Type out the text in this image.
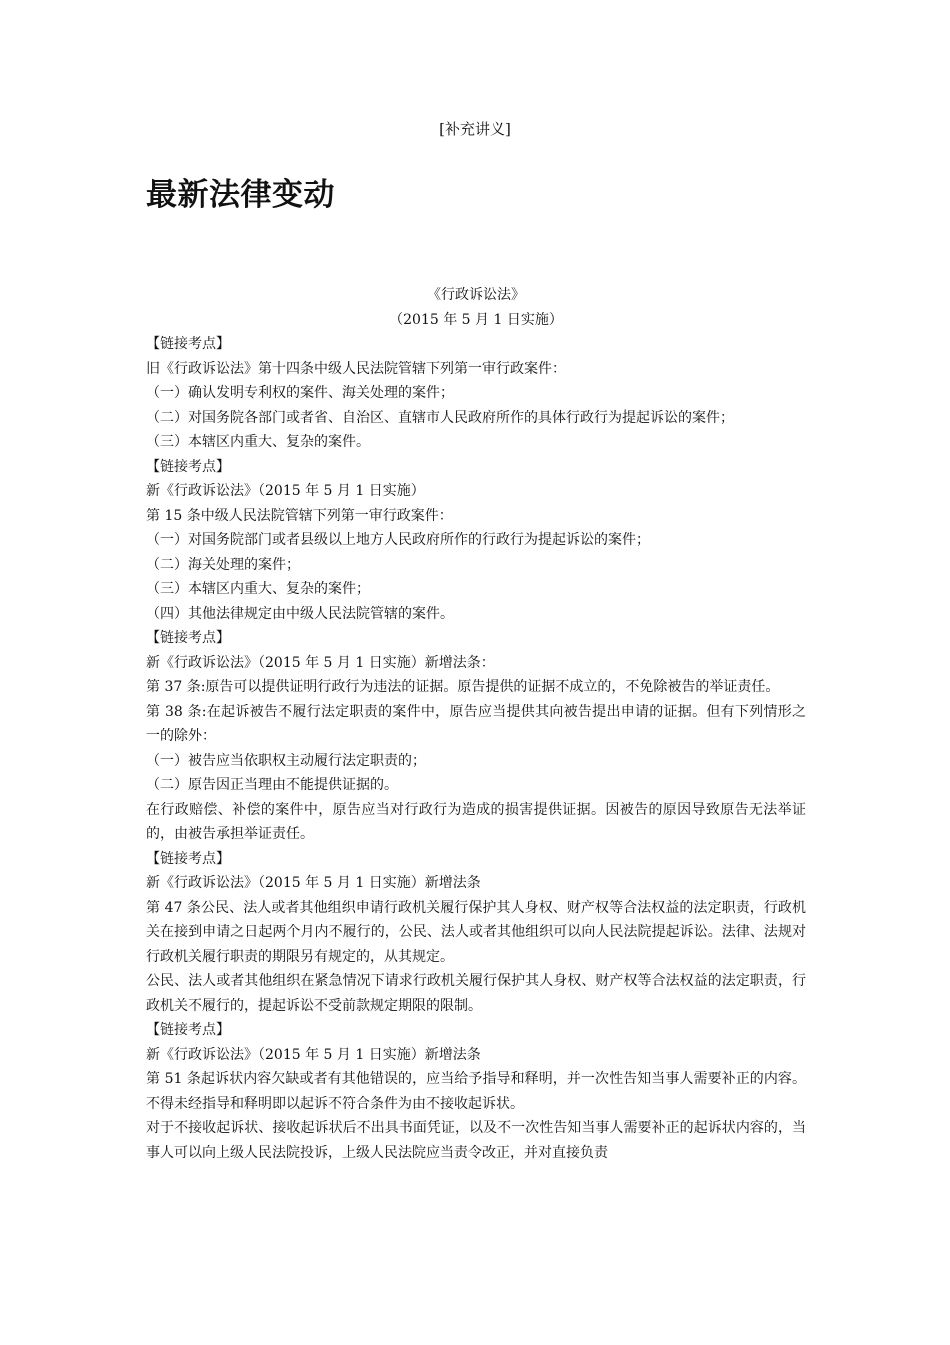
[补充讲义]
最新法律变动

《行政诉讼法》

（2015 年 5 月 1 日实施）

【链接考点】

旧《行政诉讼法》第十四条中级人民法院管辖下列第一审行政案件：

（一）确认发明专利权的案件、海关处理的案件；

（二）对国务院各部门或者省、自治区、直辖市人民政府所作的具体行政行为提起诉讼的案件；

（三）本辖区内重大、复杂的案件。

【链接考点】

新《行政诉讼法》（2015 年 5 月 1 日实施）

第 15 条中级人民法院管辖下列第一审行政案件：

（一）对国务院部门或者县级以上地方人民政府所作的行政行为提起诉讼的案件；

（二）海关处理的案件；

（三）本辖区内重大、复杂的案件；

（四）其他法律规定由中级人民法院管辖的案件。

【链接考点】

新《行政诉讼法》（2015 年 5 月 1 日实施）新增法条：

第 37 条:原告可以提供证明行政行为违法的证据。原告提供的证据不成立的，不免除被告的举证责任。

第 38 条:在起诉被告不履行法定职责的案件中，原告应当提供其向被告提出申请的证据。但有下列情形之一的除外：

（一）被告应当依职权主动履行法定职责的；

（二）原告因正当理由不能提供证据的。

在行政赔偿、补偿的案件中，原告应当对行政行为造成的损害提供证据。因被告的原因导致原告无法举证的，由被告承担举证责任。

【链接考点】

新《行政诉讼法》（2015 年 5 月 1 日实施）新增法条

第 47 条公民、法人或者其他组织申请行政机关履行保护其人身权、财产权等合法权益的法定职责，行政机关在接到申请之日起两个月内不履行的，公民、法人或者其他组织可以向人民法院提起诉讼。法律、法规对行政机关履行职责的期限另有规定的，从其规定。

公民、法人或者其他组织在紧急情况下请求行政机关履行保护其人身权、财产权等合法权益的法定职责，行政机关不履行的，提起诉讼不受前款规定期限的限制。

【链接考点】

新《行政诉讼法》（2015 年 5 月 1 日实施）新增法条

第 51 条起诉状内容欠缺或者有其他错误的，应当给予指导和释明，并一次性告知当事人需要补正的内容。不得未经指导和释明即以起诉不符合条件为由不接收起诉状。

对于不接收起诉状、接收起诉状后不出具书面凭证，以及不一次性告知当事人需要补正的起诉状内容的，当事人可以向上级人民法院投诉，上级人民法院应当责令改正，并对直接负责
